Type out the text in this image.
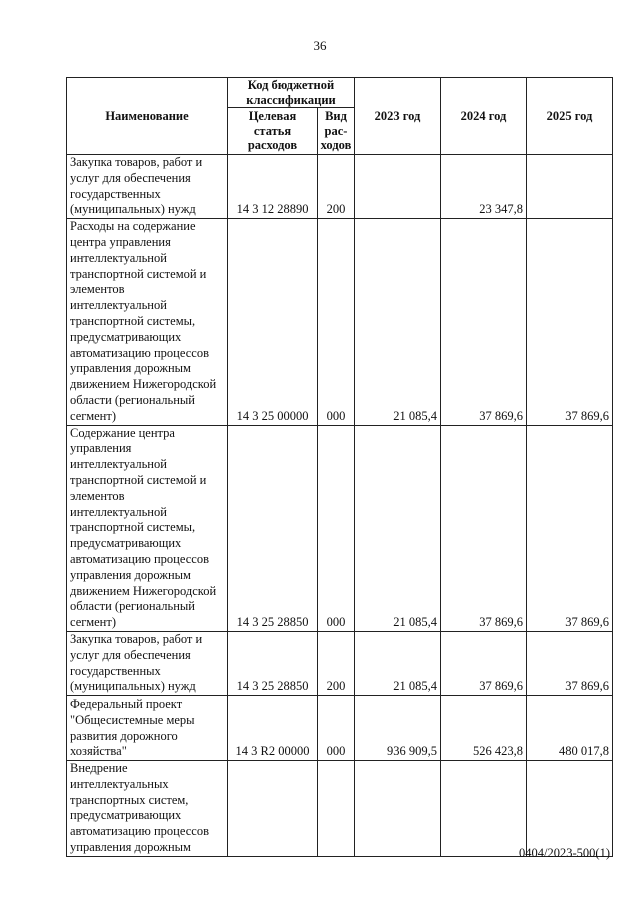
36
Наименование	Код бюджетной классификации		2023 год	2024 год	2025 год
	Целевая статья расходов	Вид рас-ходов			
Закупка товаров, работ и услуг для обеспечения государственных (муниципальных) нужд	14 3 12 28890	200		23 347,8	
Расходы на содержание центра управления интеллектуальной транспортной системой и элементов интеллектуальной транспортной системы, предусматривающих автоматизацию процессов управления дорожным движением Нижегородской области (региональный сегмент)	14 3 25 00000	000	21 085,4	37 869,6	37 869,6
Содержание центра управления интеллектуальной транспортной системой и элементов интеллектуальной транспортной системы, предусматривающих автоматизацию процессов управления дорожным движением Нижегородской области (региональный сегмент)	14 3 25 28850	000	21 085,4	37 869,6	37 869,6
Закупка товаров, работ и услуг для обеспечения государственных (муниципальных) нужд	14 3 25 28850	200	21 085,4	37 869,6	37 869,6
Федеральный проект "Общесистемные меры развития дорожного хозяйства"	14 3 R2 00000	000	936 909,5	526 423,8	480 017,8
Внедрение интеллектуальных транспортных систем, предусматривающих автоматизацию процессов управления дорожным						0404/2023-500(1)
